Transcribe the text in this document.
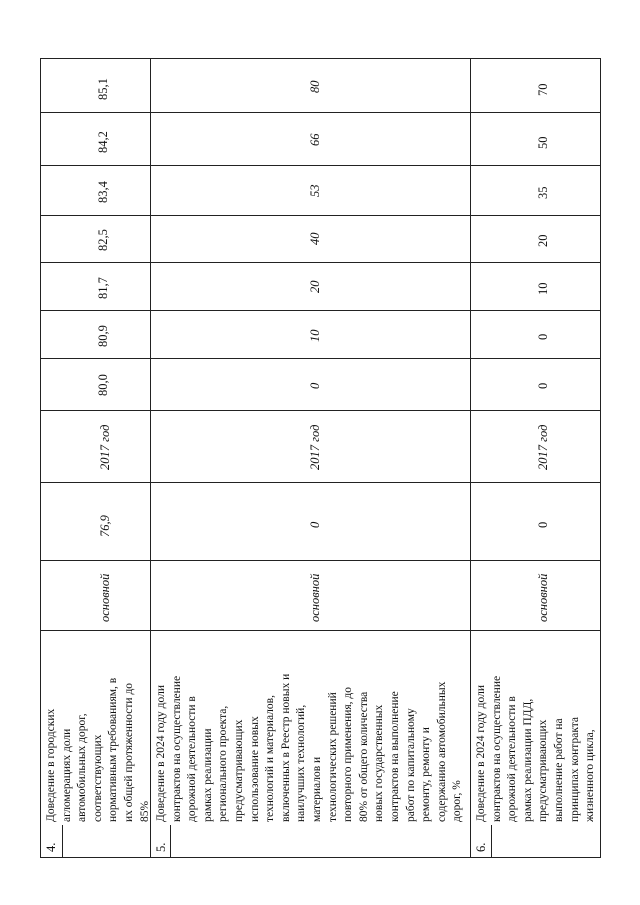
4.
Доведение в городских агломерациях доли автомобильных дорог, соответствующих нормативным требованиям, в их общей протяженности до 85%
основной
76,9
2017 год
80,0
80,9
81,7
82,5
83,4
84,2
85,1
5.
Доведение в 2024 году доли контрактов на осуществление дорожной деятельности в рамках реализации регионального проекта, предусматривающих использование новых технологий и материалов, включенных в Реестр новых и наилучших технологий, материалов и технологических решений повторного применения, до 80% от общего количества новых государственных контрактов на выполнение работ по капитальному ремонту, ремонту и содержанию автомобильных дорог, %
основной
0
2017 год
0
10
20
40
53
66
80
6.
Доведение в 2024 году доли контрактов на осуществление дорожной деятельности в рамках реализации ПДД, предусматривающих выполнение работ на принципах контракта жизненного цикла,
основной
0
2017 год
0
0
10
20
35
50
70
